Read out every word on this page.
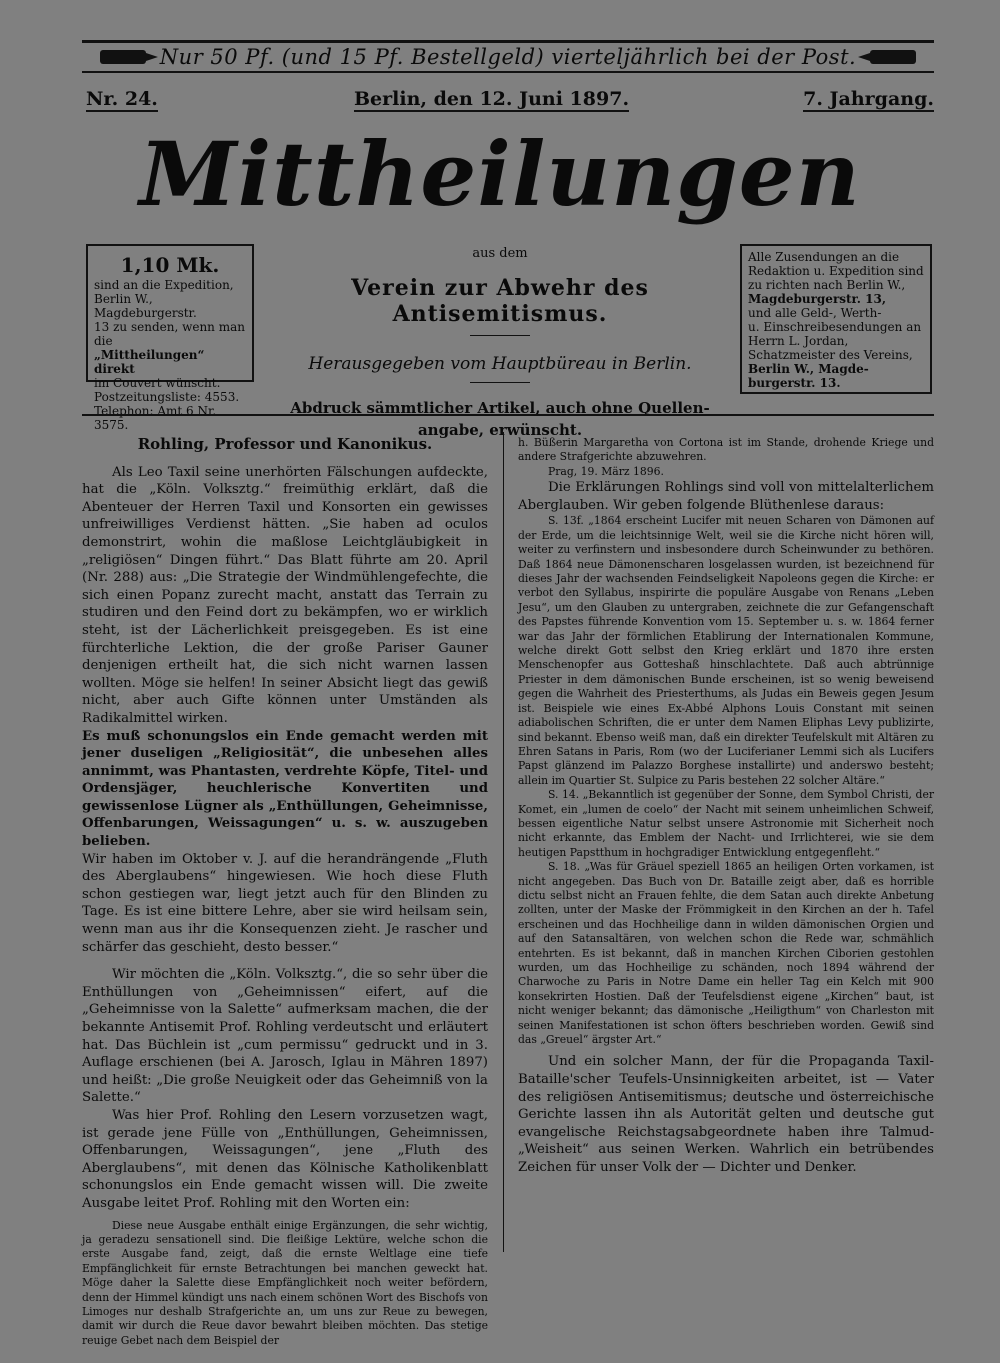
Nur 50 Pf. (und 15 Pf. Bestellgeld) vierteljährlich bei der Post.
Nr. 24.	Berlin, den 12. Juni 1897.	7. Jahrgang.
Mittheilungen
1,10 Mk.
sind an die Expedition,
Berlin W., Magdeburgerstr.
13 zu senden, wenn man die
„Mittheilungen“ direkt
im Couvert wünscht.
Postzeitungsliste: 4553.
Telephon: Amt 6 Nr. 3575.
aus dem
Verein zur Abwehr des Antisemitismus.
Herausgegeben vom Hauptbüreau in Berlin.
Abdruck sämmtlicher Artikel, auch ohne Quellen-angabe, erwünscht.
Alle Zusendungen an die
Redaktion u. Expedition sind
zu richten nach Berlin W.,
Magdeburgerstr. 13,
und alle Geld-, Werth-
u. Einschreibesendungen an
Herrn L. Jordan,
Schatzmeister des Vereins,
Berlin W., Magde-
burgerstr. 13.

Rohling, Professor und Kanonikus.

Als Leo Taxil seine unerhörten Fälschungen aufdeckte, hat die „Köln. Volksztg.“ freimüthig erklärt, daß die Abenteuer der Herren Taxil und Konsorten ein gewisses unfreiwilliges Verdienst hätten. „Sie haben ad oculos demonstrirt, wohin die maßlose Leichtgläubigkeit in „religiösen“ Dingen führt.“ Das Blatt führte am 20. April (Nr. 288) aus: „Die Strategie der Windmühlengefechte, die sich einen Popanz zurecht macht, anstatt das Terrain zu studiren und den Feind dort zu bekämpfen, wo er wirklich steht, ist der Lächerlichkeit preisgegeben. Es ist eine fürchterliche Lektion, die der große Pariser Gauner denjenigen ertheilt hat, die sich nicht warnen lassen wollten. Möge sie helfen! In seiner Absicht liegt das gewiß nicht, aber auch Gifte können unter Umständen als Radikalmittel wirken.

Es muß schonungslos ein Ende gemacht werden mit jener duseligen „Religiosität“, die unbesehen alles annimmt, was Phantasten, verdrehte Köpfe, Titel- und Ordensjäger, heuchlerische Konvertiten und gewissenlose Lügner als „Enthüllungen, Geheimnisse, Offenbarungen, Weissagungen“ u. s. w. auszugeben belieben.

Wir haben im Oktober v. J. auf die herandrängende „Fluth des Aberglaubens“ hingewiesen. Wie hoch diese Fluth schon gestiegen war, liegt jetzt auch für den Blinden zu Tage. Es ist eine bittere Lehre, aber sie wird heilsam sein, wenn man aus ihr die Konsequenzen zieht. Je rascher und schärfer das geschieht, desto besser.“

Wir möchten die „Köln. Volksztg.“, die so sehr über die Enthüllungen von „Geheimnissen“ eifert, auf die „Geheimnisse von la Salette“ aufmerksam machen, die der bekannte Antisemit Prof. Rohling verdeutscht und erläutert hat. Das Büchlein ist „cum permissu“ gedruckt und in 3. Auflage erschienen (bei A. Jarosch, Iglau in Mähren 1897) und heißt: „Die große Neuigkeit oder das Geheimniß von la Salette.“

Was hier Prof. Rohling den Lesern vorzusetzen wagt, ist gerade jene Fülle von „Enthüllungen, Geheimnissen, Offenbarungen, Weissagungen“, jene „Fluth des Aberglaubens“, mit denen das Kölnische Katholikenblatt schonungslos ein Ende gemacht wissen will. Die zweite Ausgabe leitet Prof. Rohling mit den Worten ein:

Diese neue Ausgabe enthält einige Ergänzungen, die sehr wichtig, ja geradezu sensationell sind. Die fleißige Lektüre, welche schon die erste Ausgabe fand, zeigt, daß die ernste Weltlage eine tiefe Empfänglichkeit für ernste Betrachtungen bei manchen geweckt hat. Möge daher la Salette diese Empfänglichkeit noch weiter befördern, denn der Himmel kündigt uns nach einem schönen Wort des Bischofs von Limoges nur deshalb Strafgerichte an, um uns zur Reue zu bewegen, damit wir durch die Reue davor bewahrt bleiben möchten. Das stetige reuige Gebet nach dem Beispiel der

h. Büßerin Margaretha von Cortona ist im Stande, drohende Kriege und andere Strafgerichte abzuwehren.

Prag, 19. März 1896.

Die Erklärungen Rohlings sind voll von mittelalterlichem Aberglauben. Wir geben folgende Blüthenlese daraus:

S. 13f. „1864 erscheint Lucifer mit neuen Scharen von Dämonen auf der Erde, um die leichtsinnige Welt, weil sie die Kirche nicht hören will, weiter zu verfinstern und insbesondere durch Scheinwunder zu bethören. Daß 1864 neue Dämonenscharen losgelassen wurden, ist bezeichnend für dieses Jahr der wachsenden Feindseligkeit Napoleons gegen die Kirche: er verbot den Syllabus, inspirirte die populäre Ausgabe von Renans „Leben Jesu“, um den Glauben zu untergraben, zeichnete die zur Gefangenschaft des Papstes führende Konvention vom 15. September u. s. w. 1864 ferner war das Jahr der förmlichen Etablirung der Internationalen Kommune, welche direkt Gott selbst den Krieg erklärt und 1870 ihre ersten Menschenopfer aus Gotteshaß hinschlachtete. Daß auch abtrünnige Priester in dem dämonischen Bunde erscheinen, ist so wenig beweisend gegen die Wahrheit des Priesterthums, als Judas ein Beweis gegen Jesum ist. Beispiele wie eines Ex-Abbé Alphons Louis Constant mit seinen adiabolischen Schriften, die er unter dem Namen Eliphas Levy publizirte, sind bekannt. Ebenso weiß man, daß ein direkter Teufelskult mit Altären zu Ehren Satans in Paris, Rom (wo der Luciferianer Lemmi sich als Lucifers Papst glänzend im Palazzo Borghese installirte) und anderswo besteht; allein im Quartier St. Sulpice zu Paris bestehen 22 solcher Altäre.“

S. 14. „Bekanntlich ist gegenüber der Sonne, dem Symbol Christi, der Komet, ein „lumen de coelo“ der Nacht mit seinem unheimlichen Schweif, bessen eigentliche Natur selbst unsere Astronomie mit Sicherheit noch nicht erkannte, das Emblem der Nacht- und Irrlichterei, wie sie dem heutigen Papstthum in hochgradiger Entwicklung entgegenfleht.“

S. 18. „Was für Gräuel speziell 1865 an heiligen Orten vorkamen, ist nicht angegeben. Das Buch von Dr. Bataille zeigt aber, daß es horrible dictu selbst nicht an Frauen fehlte, die dem Satan auch direkte Anbetung zollten, unter der Maske der Frömmigkeit in den Kirchen an der h. Tafel erscheinen und das Hochheilige dann in wilden dämonischen Orgien und auf den Satansaltären, von welchen schon die Rede war, schmählich entehrten. Es ist bekannt, daß in manchen Kirchen Ciborien gestohlen wurden, um das Hochheilige zu schänden, noch 1894 während der Charwoche zu Paris in Notre Dame ein heller Tag ein Kelch mit 900 konsekrirten Hostien. Daß der Teufelsdienst eigene „Kirchen“ baut, ist nicht weniger bekannt; das dämonische „Heiligthum“ von Charleston mit seinen Manifestationen ist schon öfters beschrieben worden. Gewiß sind das „Greuel“ ärgster Art.“

Und ein solcher Mann, der für die Propaganda Taxil-Bataille'scher Teufels-Unsinnigkeiten arbeitet, ist — Vater des religiösen Antisemitismus; deutsche und österreichische Gerichte lassen ihn als Autorität gelten und deutsche gut evangelische Reichstagsabgeordnete haben ihre Talmud-„Weisheit“ aus seinen Werken. Wahrlich ein betrübendes Zeichen für unser Volk der — Dichter und Denker.
